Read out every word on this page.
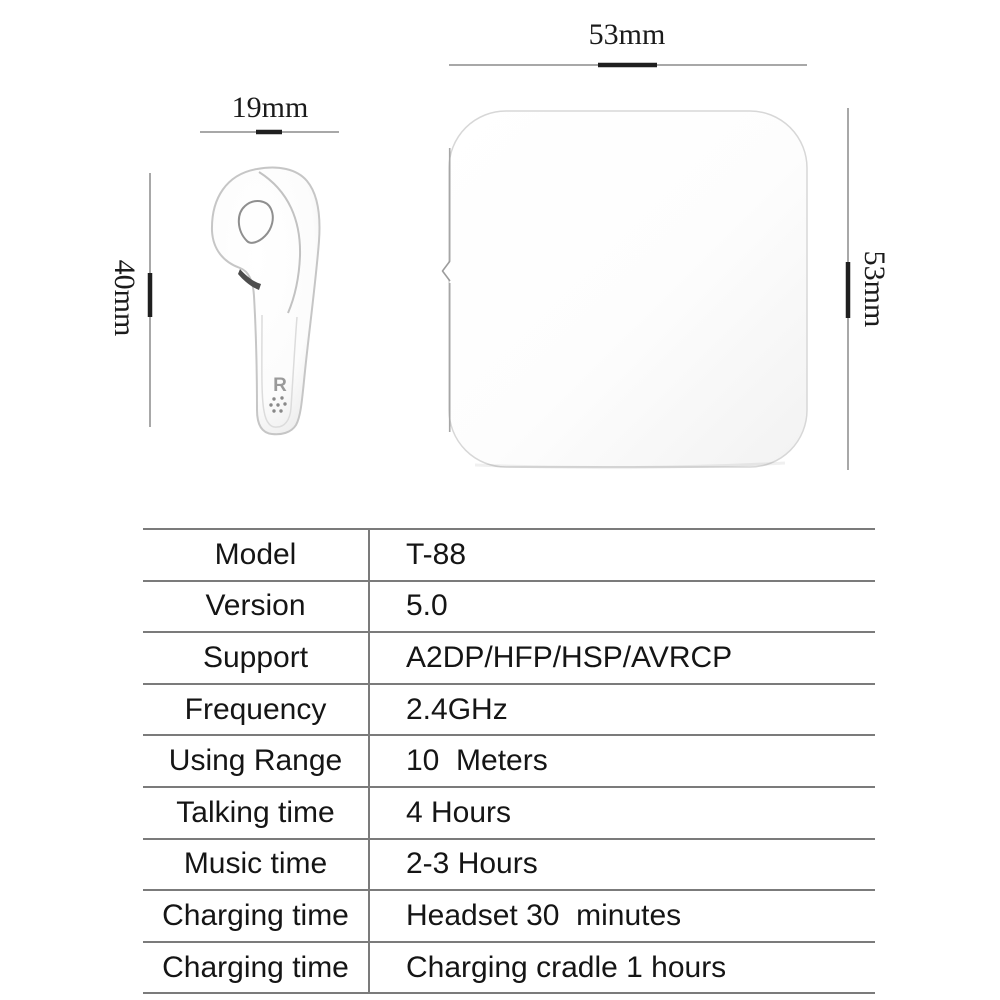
R
19mm
53mm
40mm	53mm
Model	T-88
Version	5.0
Support	A2DP/HFP/HSP/AVRCP
Frequency	2.4GHz
Using Range	10  Meters
Talking time	4 Hours
Music time	2-3 Hours
Charging time	Headset 30  minutes
Charging time	Charging cradle 1 hours
